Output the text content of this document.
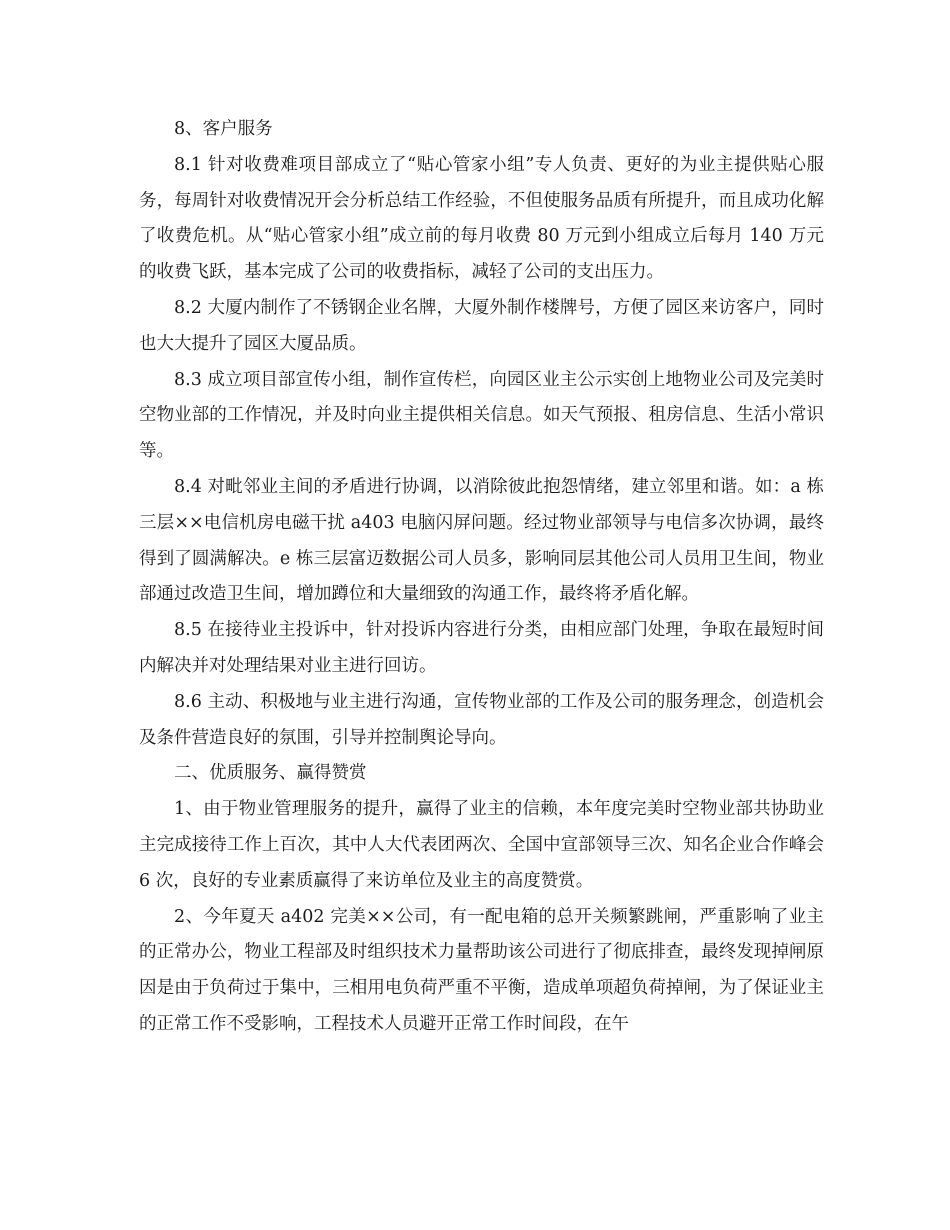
8、客户服务

8.1 针对收费难项目部成立了“贴心管家小组”专人负责、更好的为业主提供贴心服务，每周针对收费情况开会分析总结工作经验，不但使服务品质有所提升，而且成功化解了收费危机。从“贴心管家小组”成立前的每月收费 80 万元到小组成立后每月 140 万元的收费飞跃，基本完成了公司的收费指标，减轻了公司的支出压力。

8.2 大厦内制作了不锈钢企业名牌，大厦外制作楼牌号，方便了园区来访客户，同时也大大提升了园区大厦品质。

8.3 成立项目部宣传小组，制作宣传栏，向园区业主公示实创上地物业公司及完美时空物业部的工作情况，并及时向业主提供相关信息。如天气预报、租房信息、生活小常识等。

8.4 对毗邻业主间的矛盾进行协调，以消除彼此抱怨情绪，建立邻里和谐。如：a 栋三层××电信机房电磁干扰 a403 电脑闪屏问题。经过物业部领导与电信多次协调，最终得到了圆满解决。e 栋三层富迈数据公司人员多，影响同层其他公司人员用卫生间，物业部通过改造卫生间，增加蹲位和大量细致的沟通工作，最终将矛盾化解。

8.5 在接待业主投诉中，针对投诉内容进行分类，由相应部门处理，争取在最短时间内解决并对处理结果对业主进行回访。

8.6 主动、积极地与业主进行沟通，宣传物业部的工作及公司的服务理念，创造机会及条件营造良好的氛围，引导并控制舆论导向。

二、优质服务、赢得赞赏

1、由于物业管理服务的提升，赢得了业主的信赖，本年度完美时空物业部共协助业主完成接待工作上百次，其中人大代表团两次、全国中宣部领导三次、知名企业合作峰会 6 次，良好的专业素质赢得了来访单位及业主的高度赞赏。

2、今年夏天 a402 完美××公司，有一配电箱的总开关频繁跳闸，严重影响了业主的正常办公，物业工程部及时组织技术力量帮助该公司进行了彻底排查，最终发现掉闸原因是由于负荷过于集中，三相用电负荷严重不平衡，造成单项超负荷掉闸，为了保证业主的正常工作不受影响，工程技术人员避开正常工作时间段，在午
